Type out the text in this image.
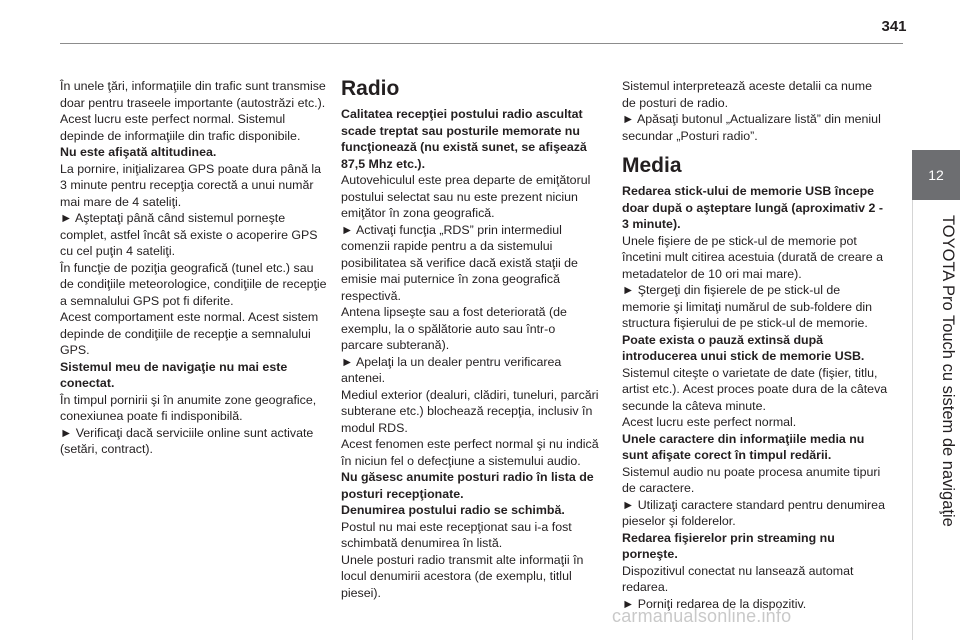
341
12
TOYOTA Pro Touch cu sistem de navigaţie

În unele ţări, informaţiile din trafic sunt transmise doar pentru traseele importante (autostrăzi etc.).

Acest lucru este perfect normal. Sistemul depinde de informaţiile din trafic disponibile.

Nu este afişată altitudinea.

La pornire, iniţializarea GPS poate dura până la 3 minute pentru recepţia corectă a unui număr mai mare de 4 sateliţi.

► Aşteptaţi până când sistemul porneşte complet, astfel încât să existe o acoperire GPS cu cel puţin 4 sateliţi.

În funcţie de poziţia geografică (tunel etc.) sau de condiţiile meteorologice, condiţiile de recepţie a semnalului GPS pot fi diferite.

Acest comportament este normal. Acest sistem depinde de condiţiile de recepţie a semnalului GPS.

Sistemul meu de navigaţie nu mai este conectat.

În timpul pornirii şi în anumite zone geografice, conexiunea poate fi indisponibilă.

► Verificaţi dacă serviciile online sunt activate (setări, contract).

Radio

Calitatea recepţiei postului radio ascultat scade treptat sau posturile memorate nu funcţionează (nu există sunet, se afişează 87,5 Mhz etc.).

Autovehiculul este prea departe de emiţătorul postului selectat sau nu este prezent niciun emiţător în zona geografică.

► Activaţi funcţia „RDS” prin intermediul comenzii rapide pentru a da sistemului posibilitatea să verifice dacă există staţii de emisie mai puternice în zona geografică respectivă.

Antena lipseşte sau a fost deteriorată (de exemplu, la o spălătorie auto sau într-o parcare subterană).

► Apelaţi la un dealer pentru verificarea antenei.

Mediul exterior (dealuri, clădiri, tuneluri, parcări subterane etc.) blochează recepţia, inclusiv în modul RDS.

Acest fenomen este perfect normal şi nu indică în niciun fel o defecţiune a sistemului audio.

Nu găsesc anumite posturi radio în lista de posturi recepţionate.

Denumirea postului radio se schimbă.

Postul nu mai este recepţionat sau i-a fost schimbată denumirea în listă.

Unele posturi radio transmit alte informaţii în locul denumirii acestora (de exemplu, titlul piesei).

Sistemul interpretează aceste detalii ca nume de posturi de radio.

► Apăsaţi butonul „Actualizare listă” din meniul secundar „Posturi radio”.

Media

Redarea stick-ului de memorie USB începe doar după o aşteptare lungă (aproximativ 2 - 3 minute).

Unele fişiere de pe stick-ul de memorie pot încetini mult citirea acestuia (durată de creare a metadatelor de 10 ori mai mare).

► Ştergeţi din fişierele de pe stick-ul de memorie şi limitaţi numărul de sub-foldere din structura fişierului de pe stick-ul de memorie.

Poate exista o pauză extinsă după introducerea unui stick de memorie USB.

Sistemul citeşte o varietate de date (fişier, titlu, artist etc.). Acest proces poate dura de la câteva secunde la câteva minute.

Acest lucru este perfect normal.

Unele caractere din informaţiile media nu sunt afişate corect în timpul redării.

Sistemul audio nu poate procesa anumite tipuri de caractere.

► Utilizaţi caractere standard pentru denumirea pieselor şi folderelor.

Redarea fişierelor prin streaming nu porneşte.

Dispozitivul conectat nu lansează automat redarea.

► Porniţi redarea de la dispozitiv.

carmanualsonline.info
